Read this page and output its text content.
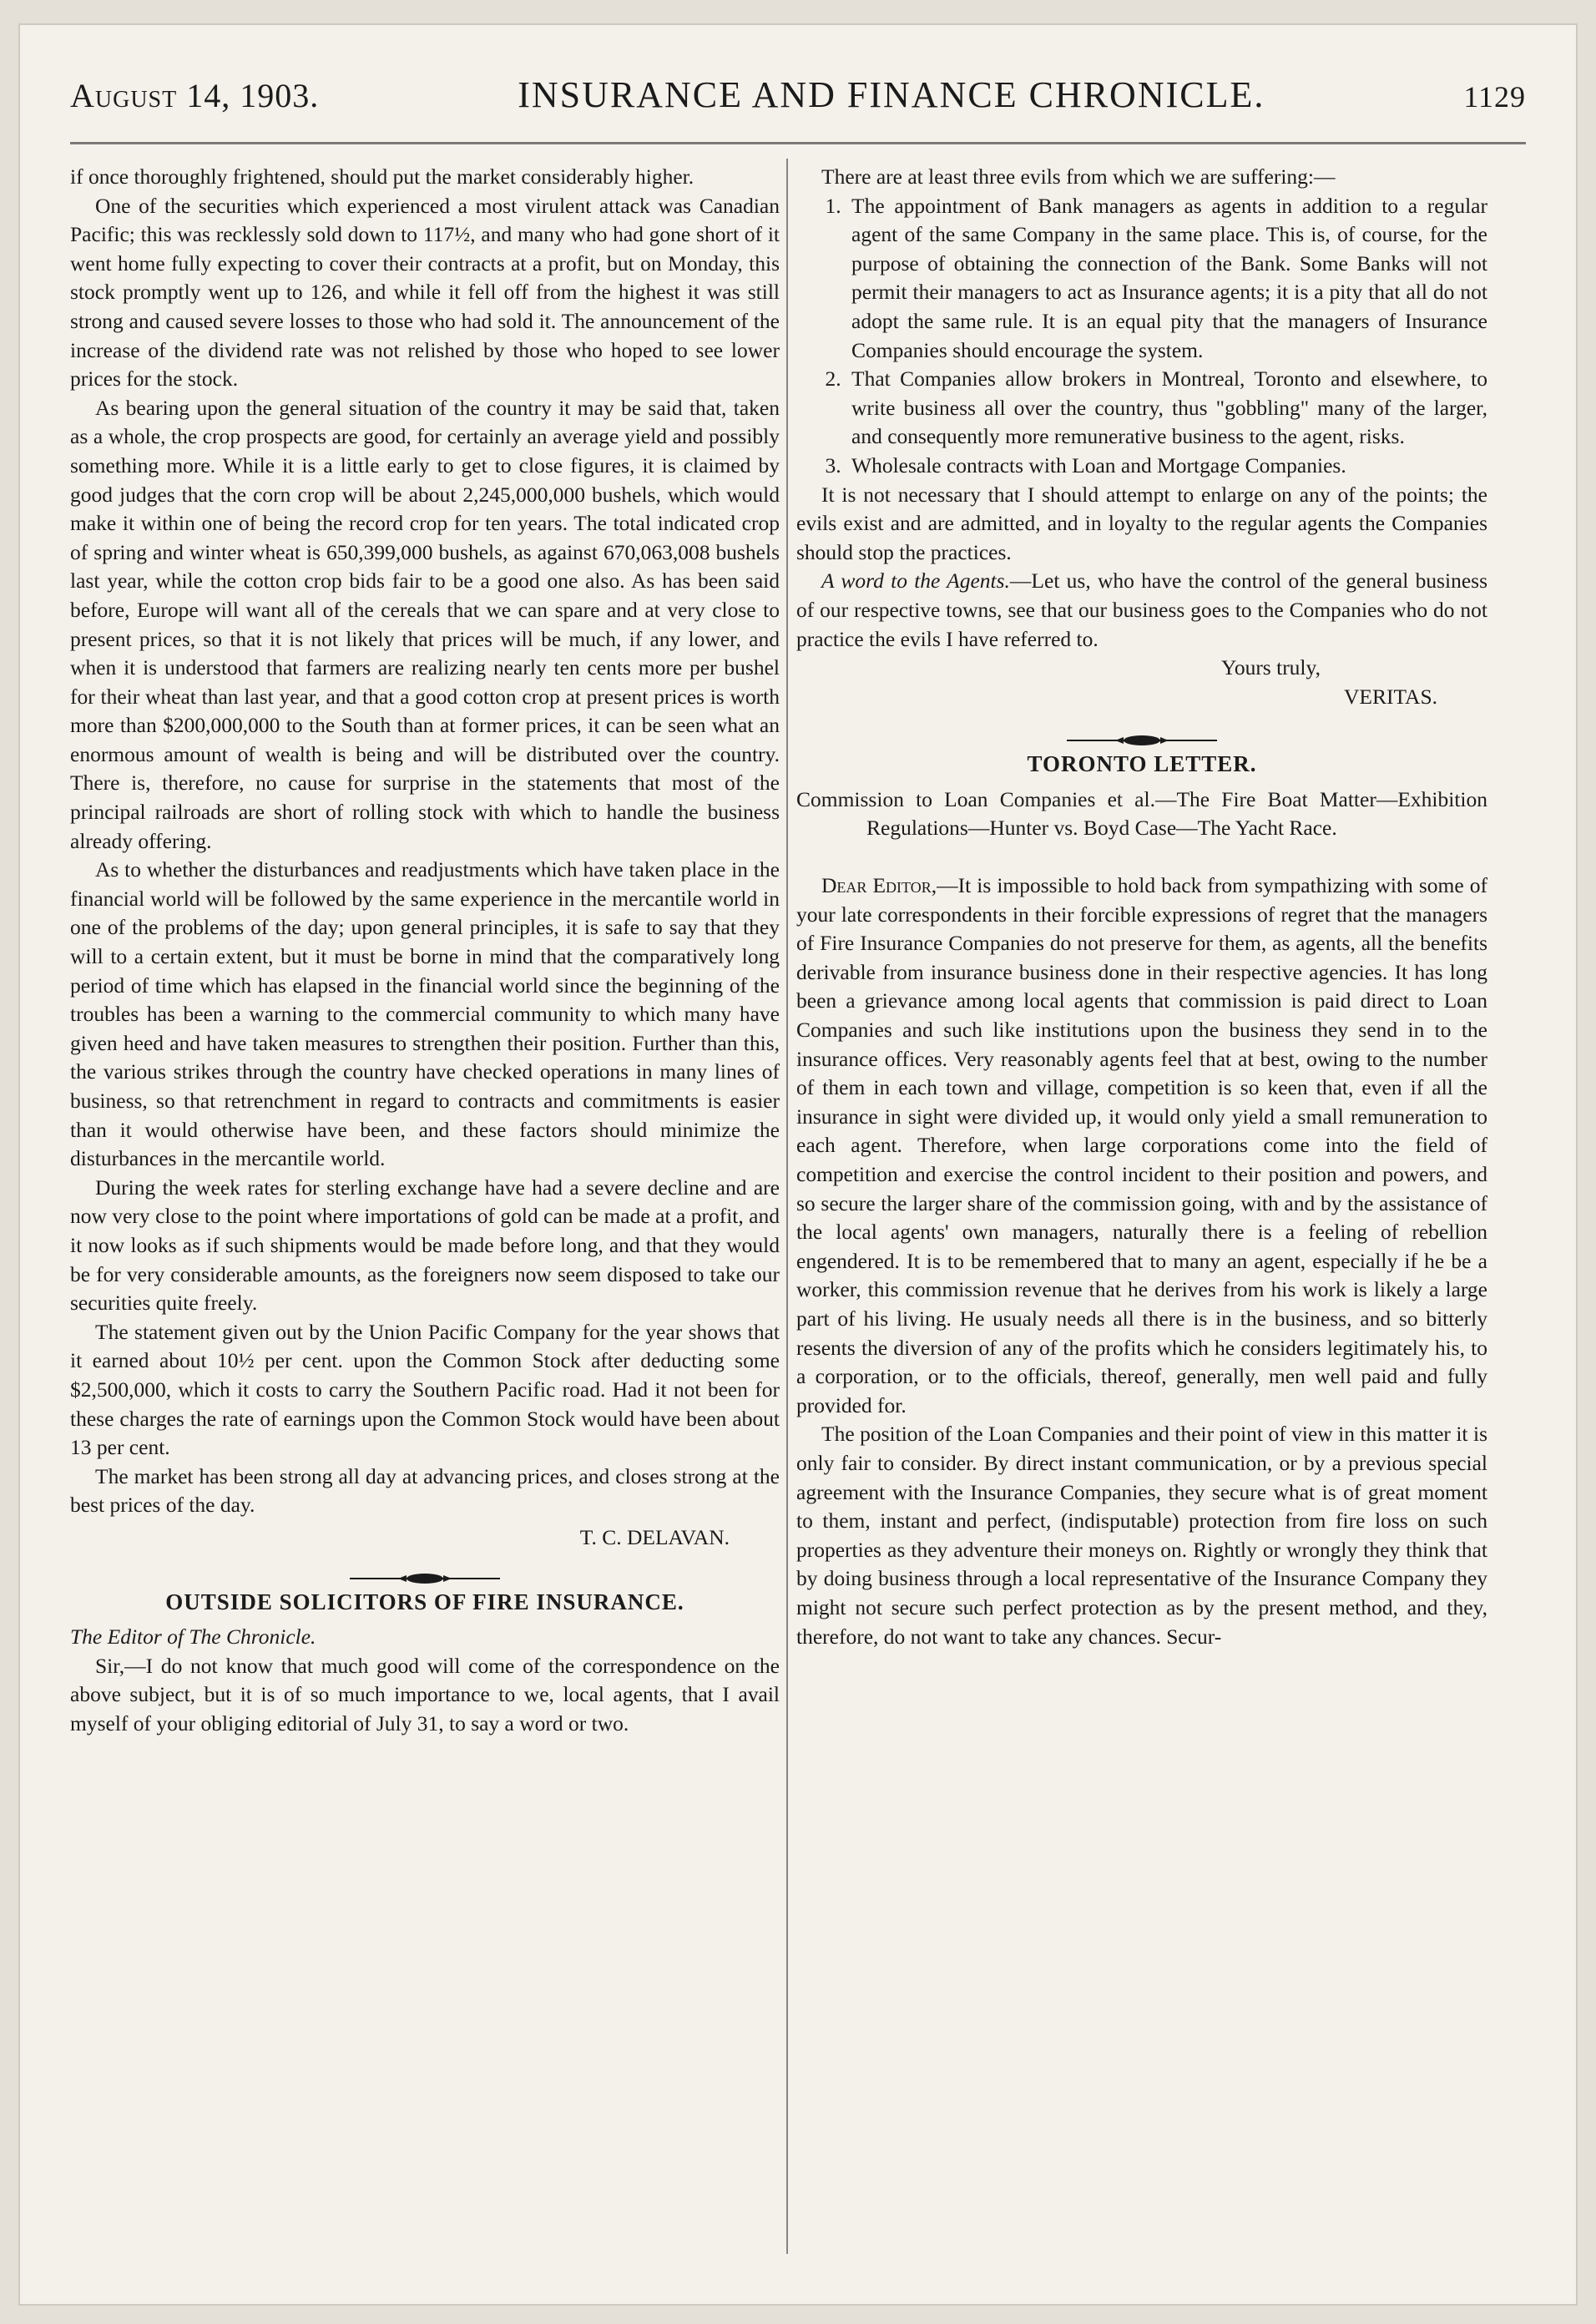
August 14, 1903.	INSURANCE AND FINANCE CHRONICLE.	1129

if once thoroughly frightened, should put the market considerably higher.

One of the securities which experienced a most virulent attack was Canadian Pacific; this was recklessly sold down to 117½, and many who had gone short of it went home fully expecting to cover their contracts at a profit, but on Monday, this stock promptly went up to 126, and while it fell off from the highest it was still strong and caused severe losses to those who had sold it. The announcement of the increase of the dividend rate was not relished by those who hoped to see lower prices for the stock.

As bearing upon the general situation of the country it may be said that, taken as a whole, the crop prospects are good, for certainly an average yield and possibly something more. While it is a little early to get to close figures, it is claimed by good judges that the corn crop will be about 2,245,000,000 bushels, which would make it within one of being the record crop for ten years. The total indicated crop of spring and winter wheat is 650,399,000 bushels, as against 670,063,008 bushels last year, while the cotton crop bids fair to be a good one also. As has been said before, Europe will want all of the cereals that we can spare and at very close to present prices, so that it is not likely that prices will be much, if any lower, and when it is understood that farmers are realizing nearly ten cents more per bushel for their wheat than last year, and that a good cotton crop at present prices is worth more than $200,000,000 to the South than at former prices, it can be seen what an enormous amount of wealth is being and will be distributed over the country. There is, therefore, no cause for surprise in the statements that most of the principal railroads are short of rolling stock with which to handle the business already offering.

As to whether the disturbances and readjustments which have taken place in the financial world will be followed by the same experience in the mercantile world in one of the problems of the day; upon general principles, it is safe to say that they will to a certain extent, but it must be borne in mind that the comparatively long period of time which has elapsed in the financial world since the beginning of the troubles has been a warning to the commercial community to which many have given heed and have taken measures to strengthen their position. Further than this, the various strikes through the country have checked operations in many lines of business, so that retrenchment in regard to contracts and commitments is easier than it would otherwise have been, and these factors should minimize the disturbances in the mercantile world.

During the week rates for sterling exchange have had a severe decline and are now very close to the point where importations of gold can be made at a profit, and it now looks as if such shipments would be made before long, and that they would be for very considerable amounts, as the foreigners now seem disposed to take our securities quite freely.

The statement given out by the Union Pacific Company for the year shows that it earned about 10½ per cent. upon the Common Stock after deducting some $2,500,000, which it costs to carry the Southern Pacific road. Had it not been for these charges the rate of earnings upon the Common Stock would have been about 13 per cent.

The market has been strong all day at advancing prices, and closes strong at the best prices of the day.

T. C. DELAVAN.

OUTSIDE SOLICITORS OF FIRE INSURANCE.

The Editor of The Chronicle.

Sir,—I do not know that much good will come of the correspondence on the above subject, but it is of so much importance to we, local agents, that I avail myself of your obliging editorial of July 31, to say a word or two.

There are at least three evils from which we are suffering:—

1. The appointment of Bank managers as agents in addition to a regular agent of the same Company in the same place. This is, of course, for the purpose of obtaining the connection of the Bank. Some Banks will not permit their managers to act as Insurance agents; it is a pity that all do not adopt the same rule. It is an equal pity that the managers of Insurance Companies should encourage the system.
2. That Companies allow brokers in Montreal, Toronto and elsewhere, to write business all over the country, thus "gobbling" many of the larger, and consequently more remunerative business to the agent, risks.
3. Wholesale contracts with Loan and Mortgage Companies.

It is not necessary that I should attempt to enlarge on any of the points; the evils exist and are admitted, and in loyalty to the regular agents the Companies should stop the practices.

A word to the Agents.—Let us, who have the control of the general business of our respective towns, see that our business goes to the Companies who do not practice the evils I have referred to.

Yours truly,

VERITAS.

TORONTO LETTER.

Commission to Loan Companies et al.—The Fire Boat Matter—Exhibition Regulations—Hunter vs. Boyd Case—The Yacht Race.

Dear Editor,—It is impossible to hold back from sympathizing with some of your late correspondents in their forcible expressions of regret that the managers of Fire Insurance Companies do not preserve for them, as agents, all the benefits derivable from insurance business done in their respective agencies. It has long been a grievance among local agents that commission is paid direct to Loan Companies and such like institutions upon the business they send in to the insurance offices. Very reasonably agents feel that at best, owing to the number of them in each town and village, competition is so keen that, even if all the insurance in sight were divided up, it would only yield a small remuneration to each agent. Therefore, when large corporations come into the field of competition and exercise the control incident to their position and powers, and so secure the larger share of the commission going, with and by the assistance of the local agents' own managers, naturally there is a feeling of rebellion engendered. It is to be remembered that to many an agent, especially if he be a worker, this commission revenue that he derives from his work is likely a large part of his living. He usualy needs all there is in the business, and so bitterly resents the diversion of any of the profits which he considers legitimately his, to a corporation, or to the officials, thereof, generally, men well paid and fully provided for.

The position of the Loan Companies and their point of view in this matter it is only fair to consider. By direct instant communication, or by a previous special agreement with the Insurance Companies, they secure what is of great moment to them, instant and perfect, (indisputable) protection from fire loss on such properties as they adventure their moneys on. Rightly or wrongly they think that by doing business through a local representative of the Insurance Company they might not secure such perfect protection as by the present method, and they, therefore, do not want to take any chances. Secur-
